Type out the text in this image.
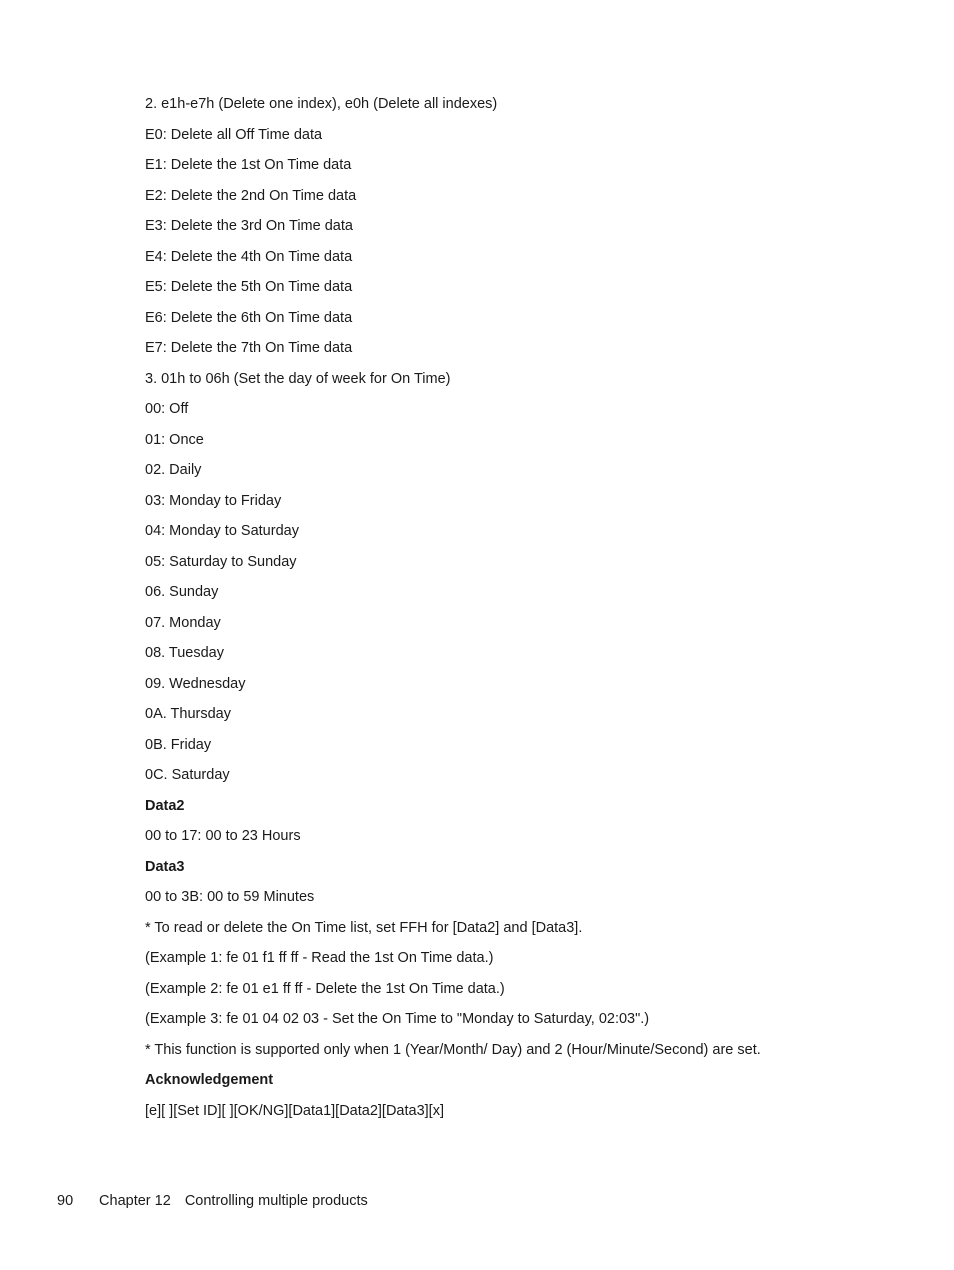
2. e1h-e7h (Delete one index), e0h (Delete all indexes)
E0: Delete all Off Time data
E1: Delete the 1st On Time data
E2: Delete the 2nd On Time data
E3: Delete the 3rd On Time data
E4: Delete the 4th On Time data
E5: Delete the 5th On Time data
E6: Delete the 6th On Time data
E7: Delete the 7th On Time data
3. 01h to 06h (Set the day of week for On Time)
00: Off
01: Once
02. Daily
03: Monday to Friday
04: Monday to Saturday
05: Saturday to Sunday
06. Sunday
07. Monday
08. Tuesday
09. Wednesday
0A. Thursday
0B. Friday
0C. Saturday
Data2
00 to 17: 00 to 23 Hours
Data3
00 to 3B: 00 to 59 Minutes
* To read or delete the On Time list, set FFH for [Data2] and [Data3].
(Example 1: fe 01 f1 ff ff - Read the 1st On Time data.)
(Example 2: fe 01 e1 ff ff - Delete the 1st On Time data.)
(Example 3: fe 01 04 02 03 - Set the On Time to "Monday to Saturday, 02:03".)
* This function is supported only when 1 (Year/Month/ Day) and 2 (Hour/Minute/Second) are set.
Acknowledgement
[e][ ][Set ID][ ][OK/NG][Data1][Data2][Data3][x]
90 Chapter 12 Controlling multiple products
